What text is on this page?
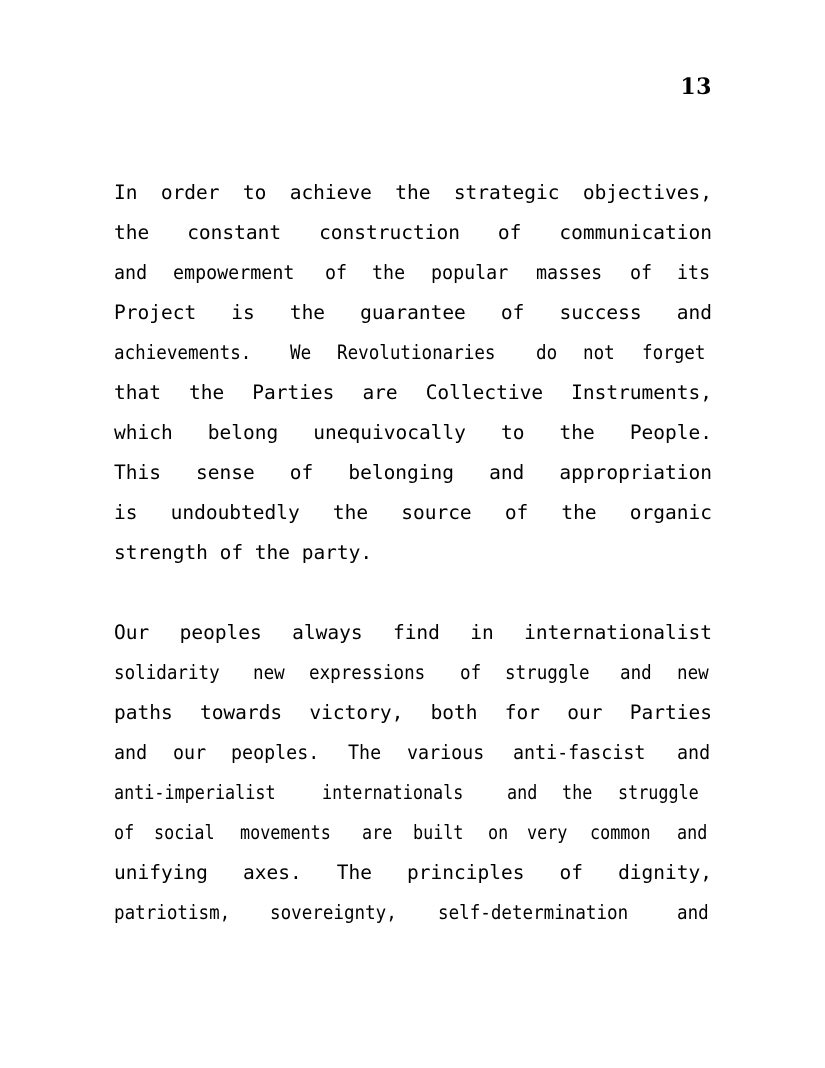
13
In order to achieve the strategic objectives,
the constant construction of communication
and empowerment of the popular masses of its
Project is the guarantee of success and
achievements. We Revolutionaries do not forget
that the Parties are Collective Instruments,
which belong unequivocally to the People.
This sense of belonging and appropriation
is undoubtedly the source of the organic
strength of the party.
Our peoples always find in internationalist
solidarity new expressions of struggle and new
paths towards victory, both for our Parties
and our peoples. The various anti-fascist and
anti-imperialist internationals and the struggle
of social movements are built on very common and
unifying axes. The principles of dignity,
patriotism, sovereignty, self-determination and
